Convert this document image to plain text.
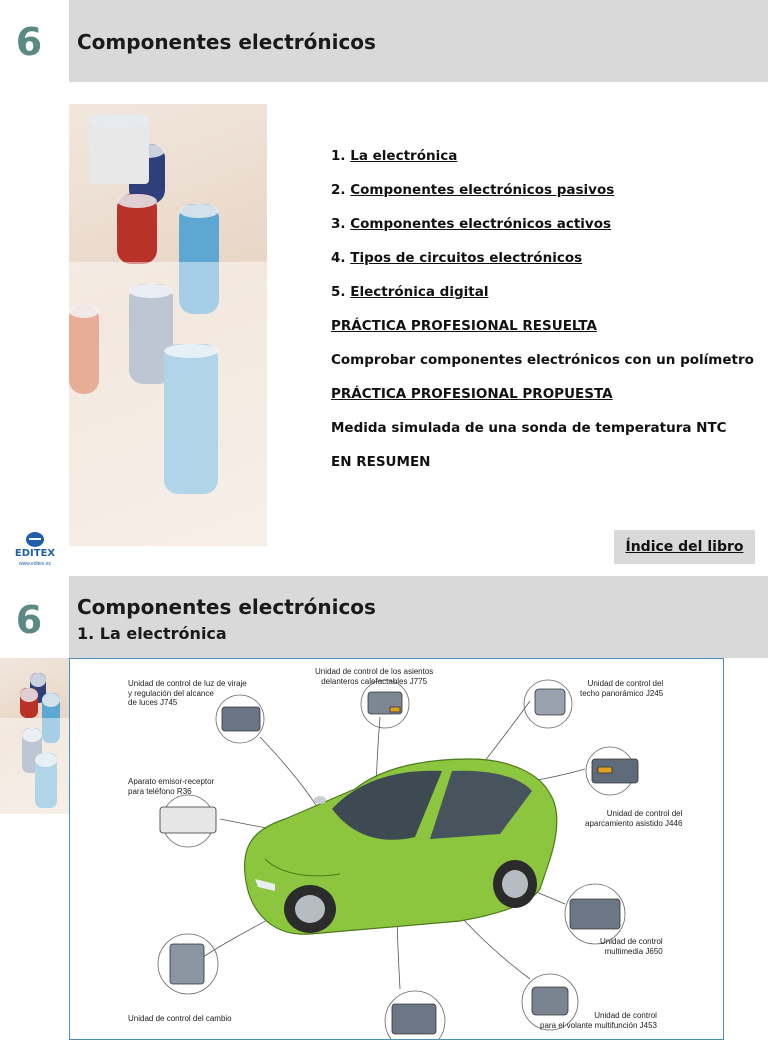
6	Componentes electrónicos
1. La electrónica
2. Componentes electrónicos pasivos
3. Componentes electrónicos activos
4. Tipos de circuitos electrónicos
5. Electrónica digital
PRÁCTICA PROFESIONAL RESUELTA
Comprobar componentes electrónicos con un polímetro
PRÁCTICA PROFESIONAL PROPUESTA
Medida simulada de una sonda de temperatura NTC
EN RESUMEN
EDITEX
www.editex.es
Índice del libro
6	Componentes electrónicos
1. La electrónica
Unidad de control de luz de viraje
y regulación del alcance
de luces J745
Unidad de control de los asientos
delanteros calefactables J775	Unidad de control del
techo panorámico J245
Aparato emisor-receptor
para teléfono R36
Unidad de control del
aparcamiento asistido J446
Unidad de control
multimedia J650
Unidad de control del cambio	Unidad de control
para el volante multifunción J453
